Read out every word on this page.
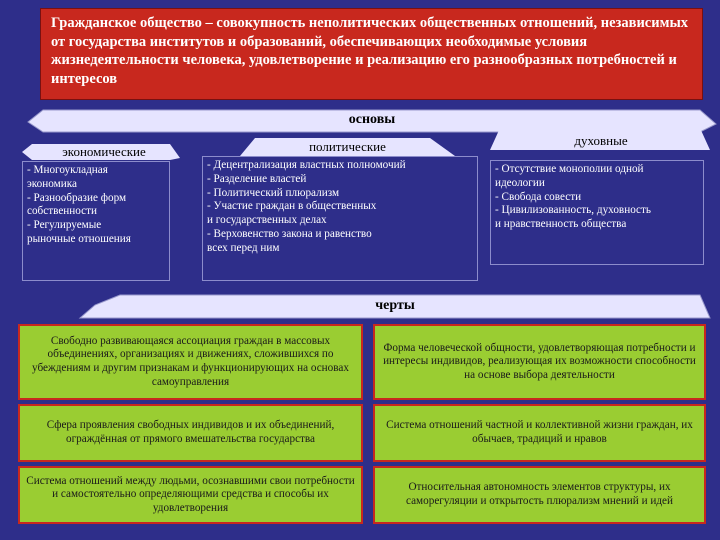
Гражданское общество – совокупность неполитических общественных отношений, независимых от государства институтов и образований, обеспечивающих необходимые условия жизнедеятельности человека, удовлетворение и реализацию его разнообразных потребностей и интересов
основы
экономические	политические	духовные
- Многоукладная
экономика
- Разнообразие форм
собственности
- Регулируемые
рыночные отношения
- Децентрализация властных полномочий
- Разделение властей
- Политический плюрализм
- Участие граждан в общественных
и государственных делах
- Верховенство закона и равенство
всех перед ним
- Отсутствие монополии одной
идеологии
- Свобода совести
- Цивилизованность, духовность
и нравственность общества
черты
Свободно развивающаяся ассоциация граждан в массовых объединениях, организациях и движениях, сложившихся по убеждениям и другим признакам и функционирующих на основах самоуправления
Форма человеческой общности, удовлетворяющая потребности и интересы индивидов, реализующая их возможности способности на основе выбора деятельности
Сфера проявления свободных индивидов и их объединений, ограждённая от прямого вмешательства государства
Система отношений частной и коллективной жизни граждан, их обычаев, традиций и нравов
Система отношений между людьми, осознавшими свои потребности и самостоятельно определяющими средства и способы их удовлетворения
Относительная автономность элементов структуры, их саморегуляции и открытость плюрализм мнений и идей
